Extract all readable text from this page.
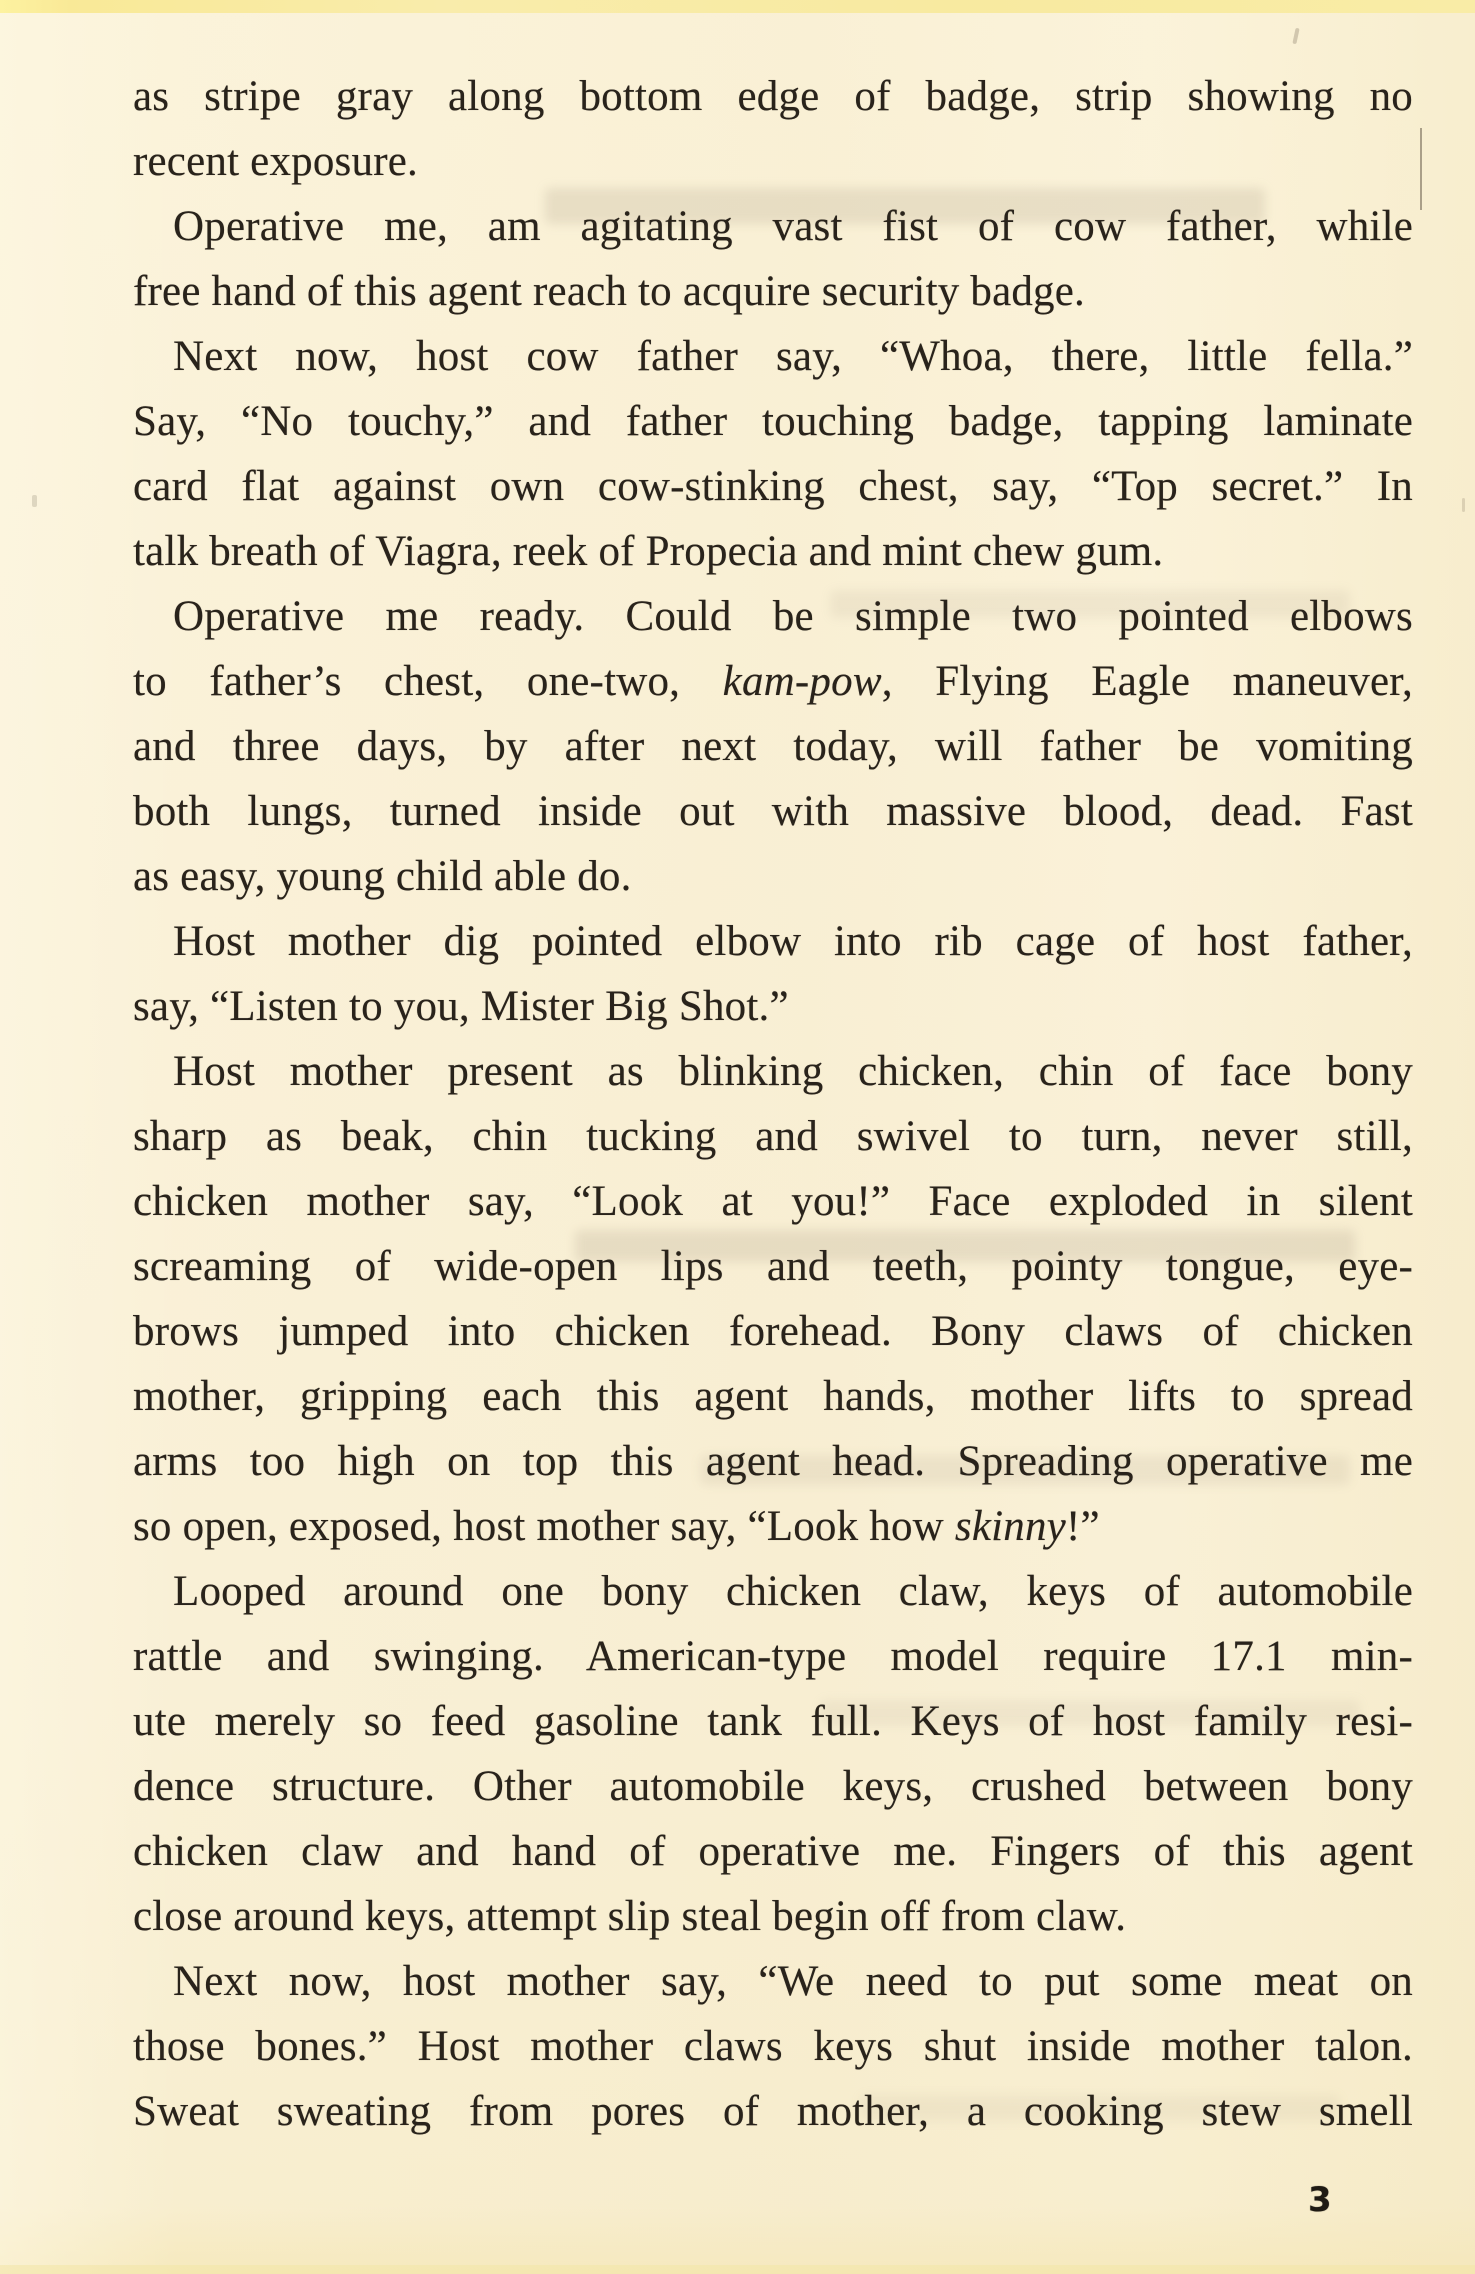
as stripe gray along bottom edge of badge, strip showing no
recent exposure.
Operative me, am agitating vast fist of cow father, while
free hand of this agent reach to acquire security badge.
Next now, host cow father say, “Whoa, there, little fella.”
Say, “No touchy,” and father touching badge, tapping laminate
card flat against own cow-stinking chest, say, “Top secret.” In
talk breath of Viagra, reek of Propecia and mint chew gum.
Operative me ready. Could be simple two pointed elbows
to father’s chest, one-two, kam-pow, Flying Eagle maneuver,
and three days, by after next today, will father be vomiting
both lungs, turned inside out with massive blood, dead. Fast
as easy, young child able do.
Host mother dig pointed elbow into rib cage of host father,
say, “Listen to you, Mister Big Shot.”
Host mother present as blinking chicken, chin of face bony
sharp as beak, chin tucking and swivel to turn, never still,
chicken mother say, “Look at you!” Face exploded in silent
screaming of wide-open lips and teeth, pointy tongue, eye-
brows jumped into chicken forehead. Bony claws of chicken
mother, gripping each this agent hands, mother lifts to spread
arms too high on top this agent head. Spreading operative me
so open, exposed, host mother say, “Look how skinny!”
Looped around one bony chicken claw, keys of automobile
rattle and swinging. American-type model require 17.1 min-
ute merely so feed gasoline tank full. Keys of host family resi-
dence structure. Other automobile keys, crushed between bony
chicken claw and hand of operative me. Fingers of this agent
close around keys, attempt slip steal begin off from claw.
Next now, host mother say, “We need to put some meat on
those bones.” Host mother claws keys shut inside mother talon.
Sweat sweating from pores of mother, a cooking stew smell
3
